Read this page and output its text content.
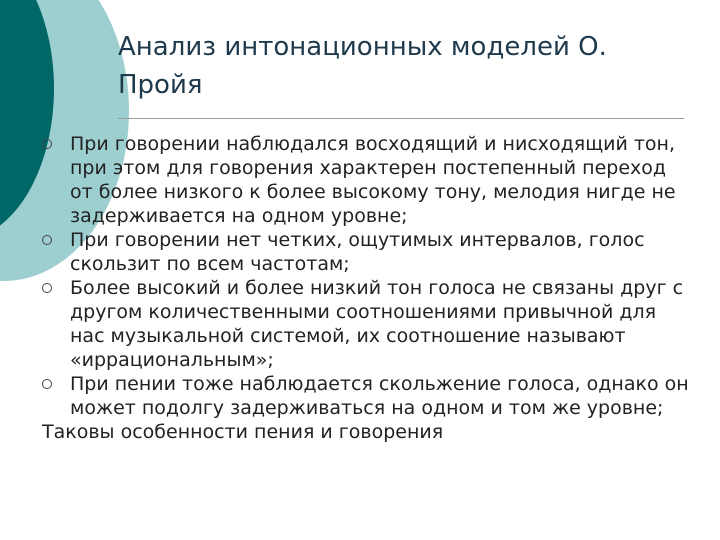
Анализ интонационных моделей О. Пройя
При говорении наблюдался восходящий и нисходящий тон, при этом для говорения характерен постепенный переход от более низкого к более высокому тону, мелодия нигде не задерживается на одном уровне;
При говорении нет четких, ощутимых интервалов, голос скользит по всем частотам;
Более высокий и более низкий тон голоса не связаны друг с другом количественными соотношениями привычной для нас музыкальной системой, их соотношение называют «иррациональным»;
При пении тоже наблюдается скольжение голоса, однако он может подолгу задерживаться на одном и том же уровне;

Таковы особенности пения и говорения
